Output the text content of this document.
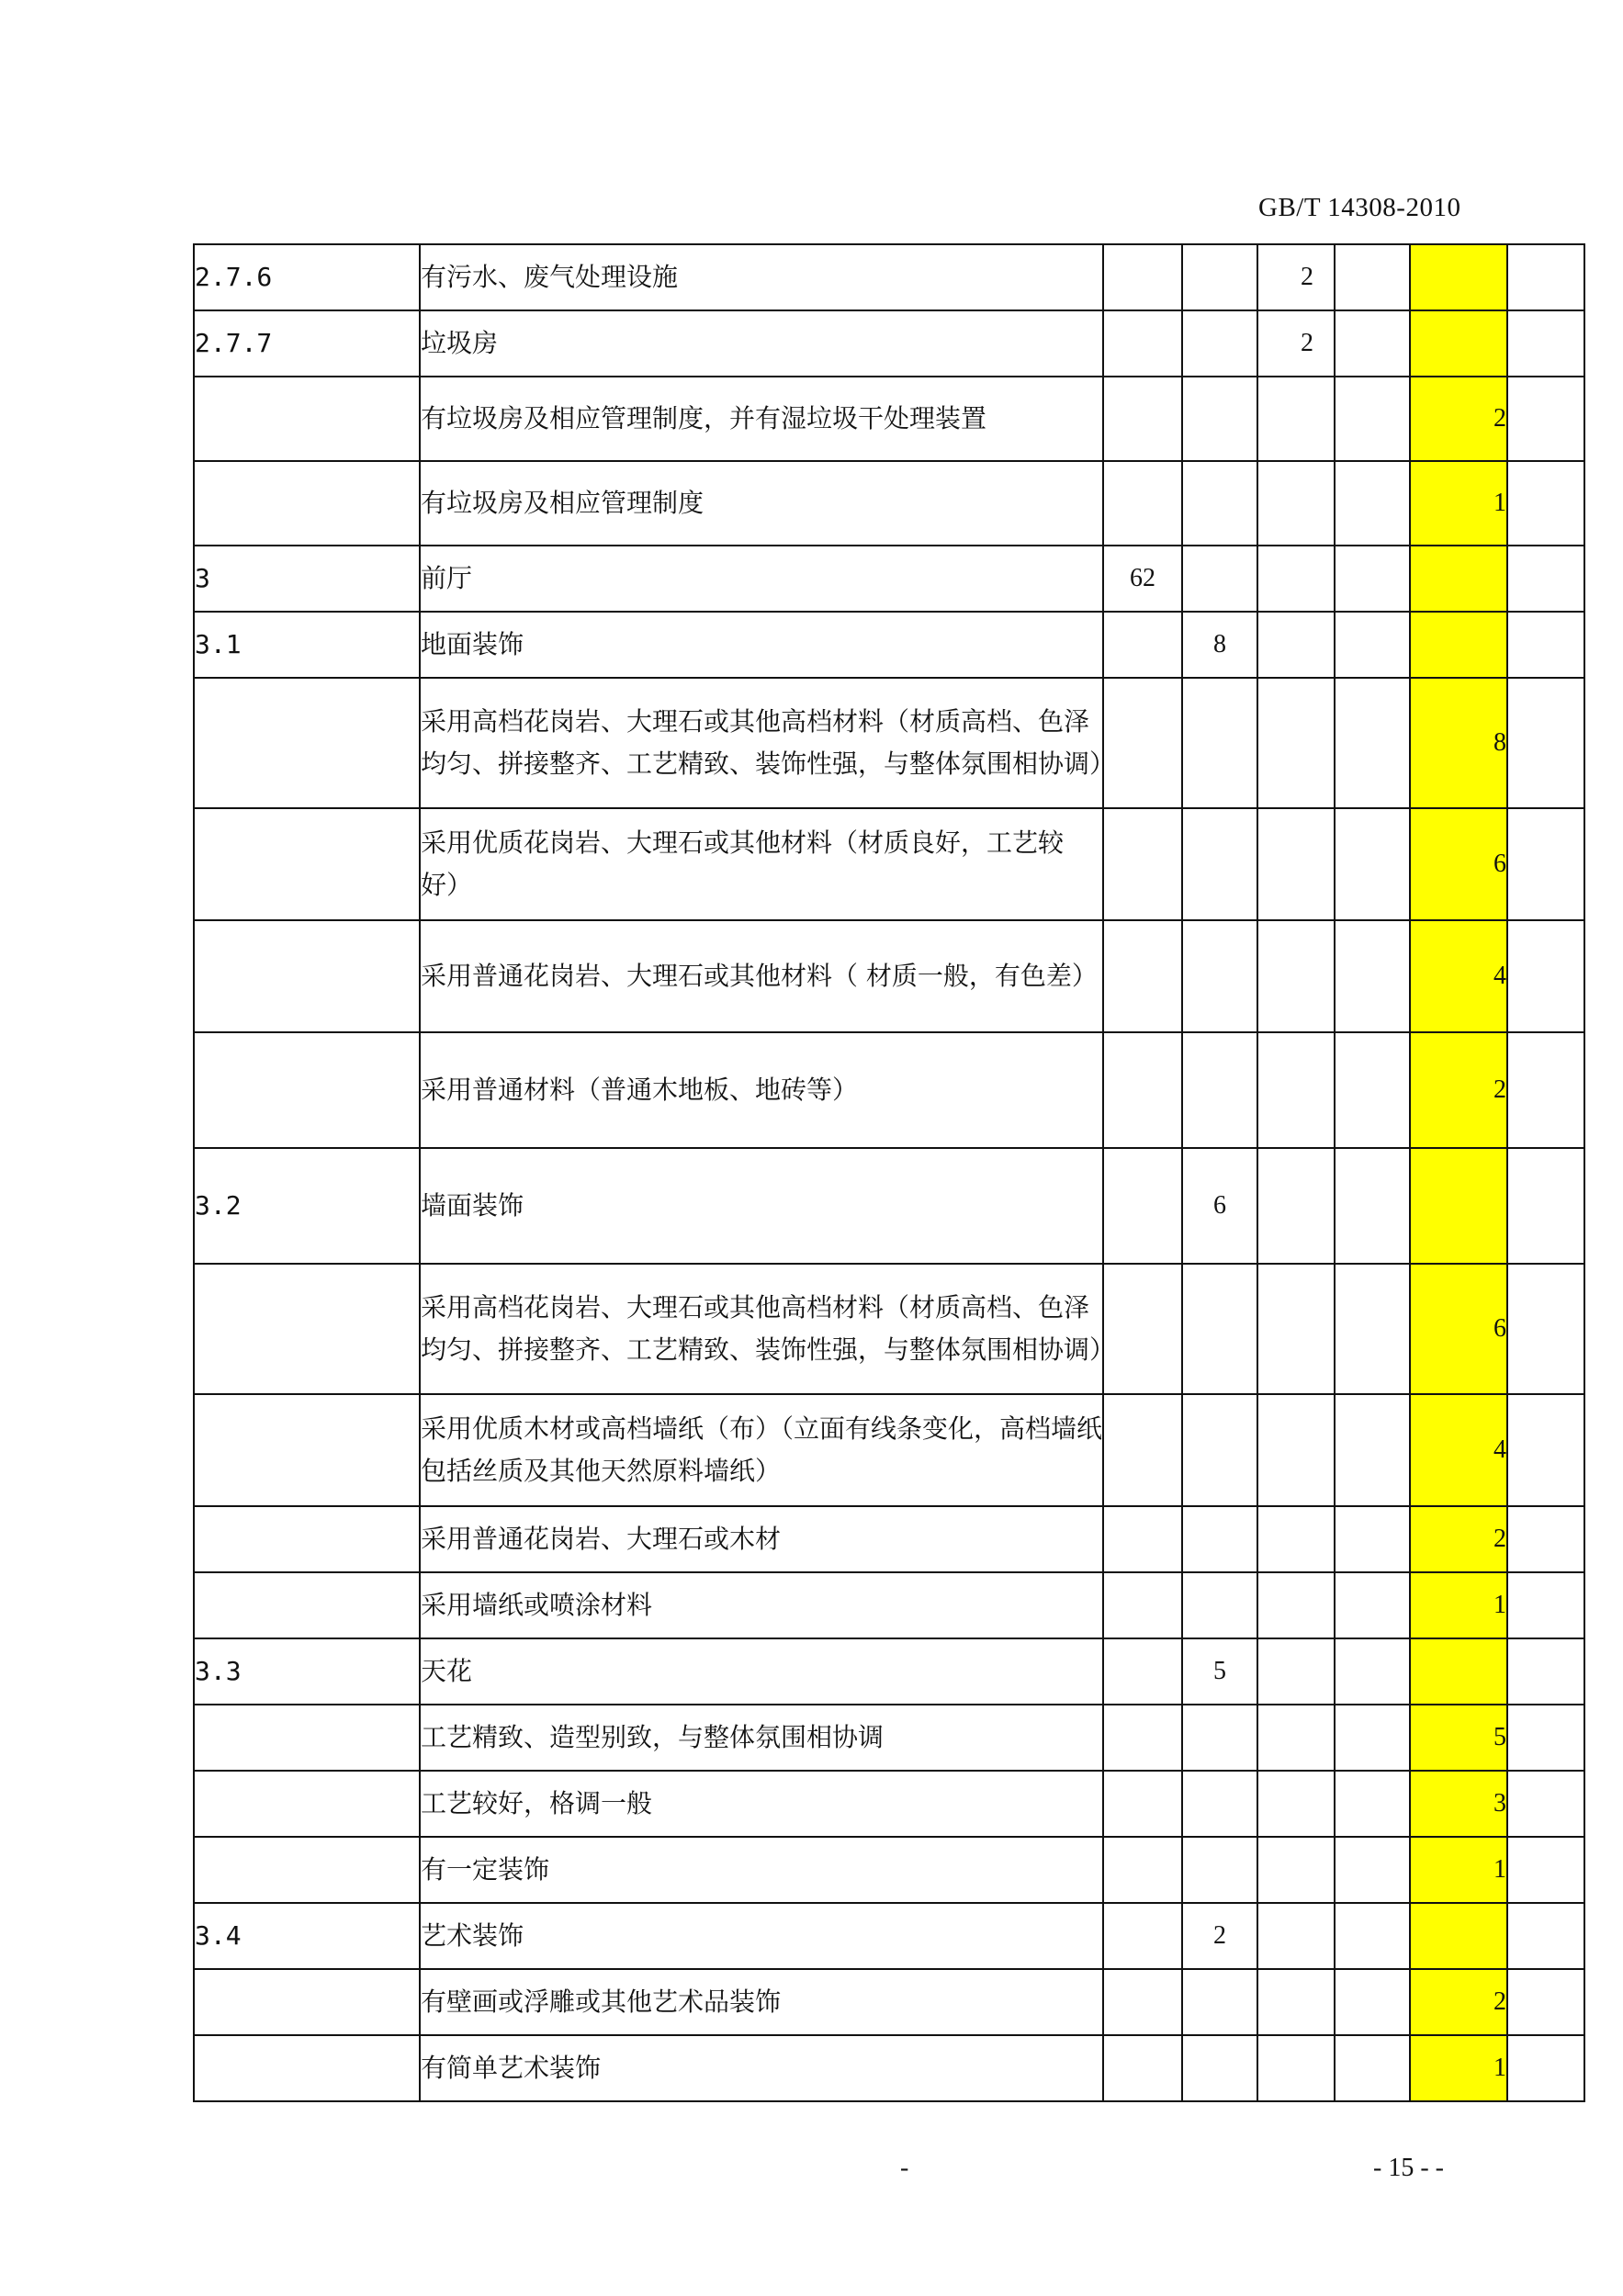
GB/T 14308-2010
2.7.6	有污水、废气处理设施			2			
2.7.7	垃圾房			2			
	有垃圾房及相应管理制度，并有湿垃圾干处理装置					2	
	有垃圾房及相应管理制度					1	
3	前厅	62					
3.1	地面装饰		8				
	采用高档花岗岩、大理石或其他高档材料（材质高档、色泽均匀、拼接整齐、工艺精致、装饰性强，与整体氛围相协调）					8	
	采用优质花岗岩、大理石或其他材料（材质良好，工艺较好）					6	
	采用普通花岗岩、大理石或其他材料（ 材质一般，有色差）					4	
	采用普通材料（普通木地板、地砖等）					2	
3.2	墙面装饰		6				
	采用高档花岗岩、大理石或其他高档材料（材质高档、色泽均匀、拼接整齐、工艺精致、装饰性强，与整体氛围相协调）					6	
	采用优质木材或高档墙纸（布）（立面有线条变化，高档墙纸包括丝质及其他天然原料墙纸）					4	
	采用普通花岗岩、大理石或木材					2	
	采用墙纸或喷涂材料					1	
3.3	天花		5				
	工艺精致、造型别致，与整体氛围相协调					5	
	工艺较好，格调一般					3	
	有一定装饰					1	
3.4	艺术装饰		2				
	有壁画或浮雕或其他艺术品装饰					2	
	有简单艺术装饰					1	
-	- 15 - -
